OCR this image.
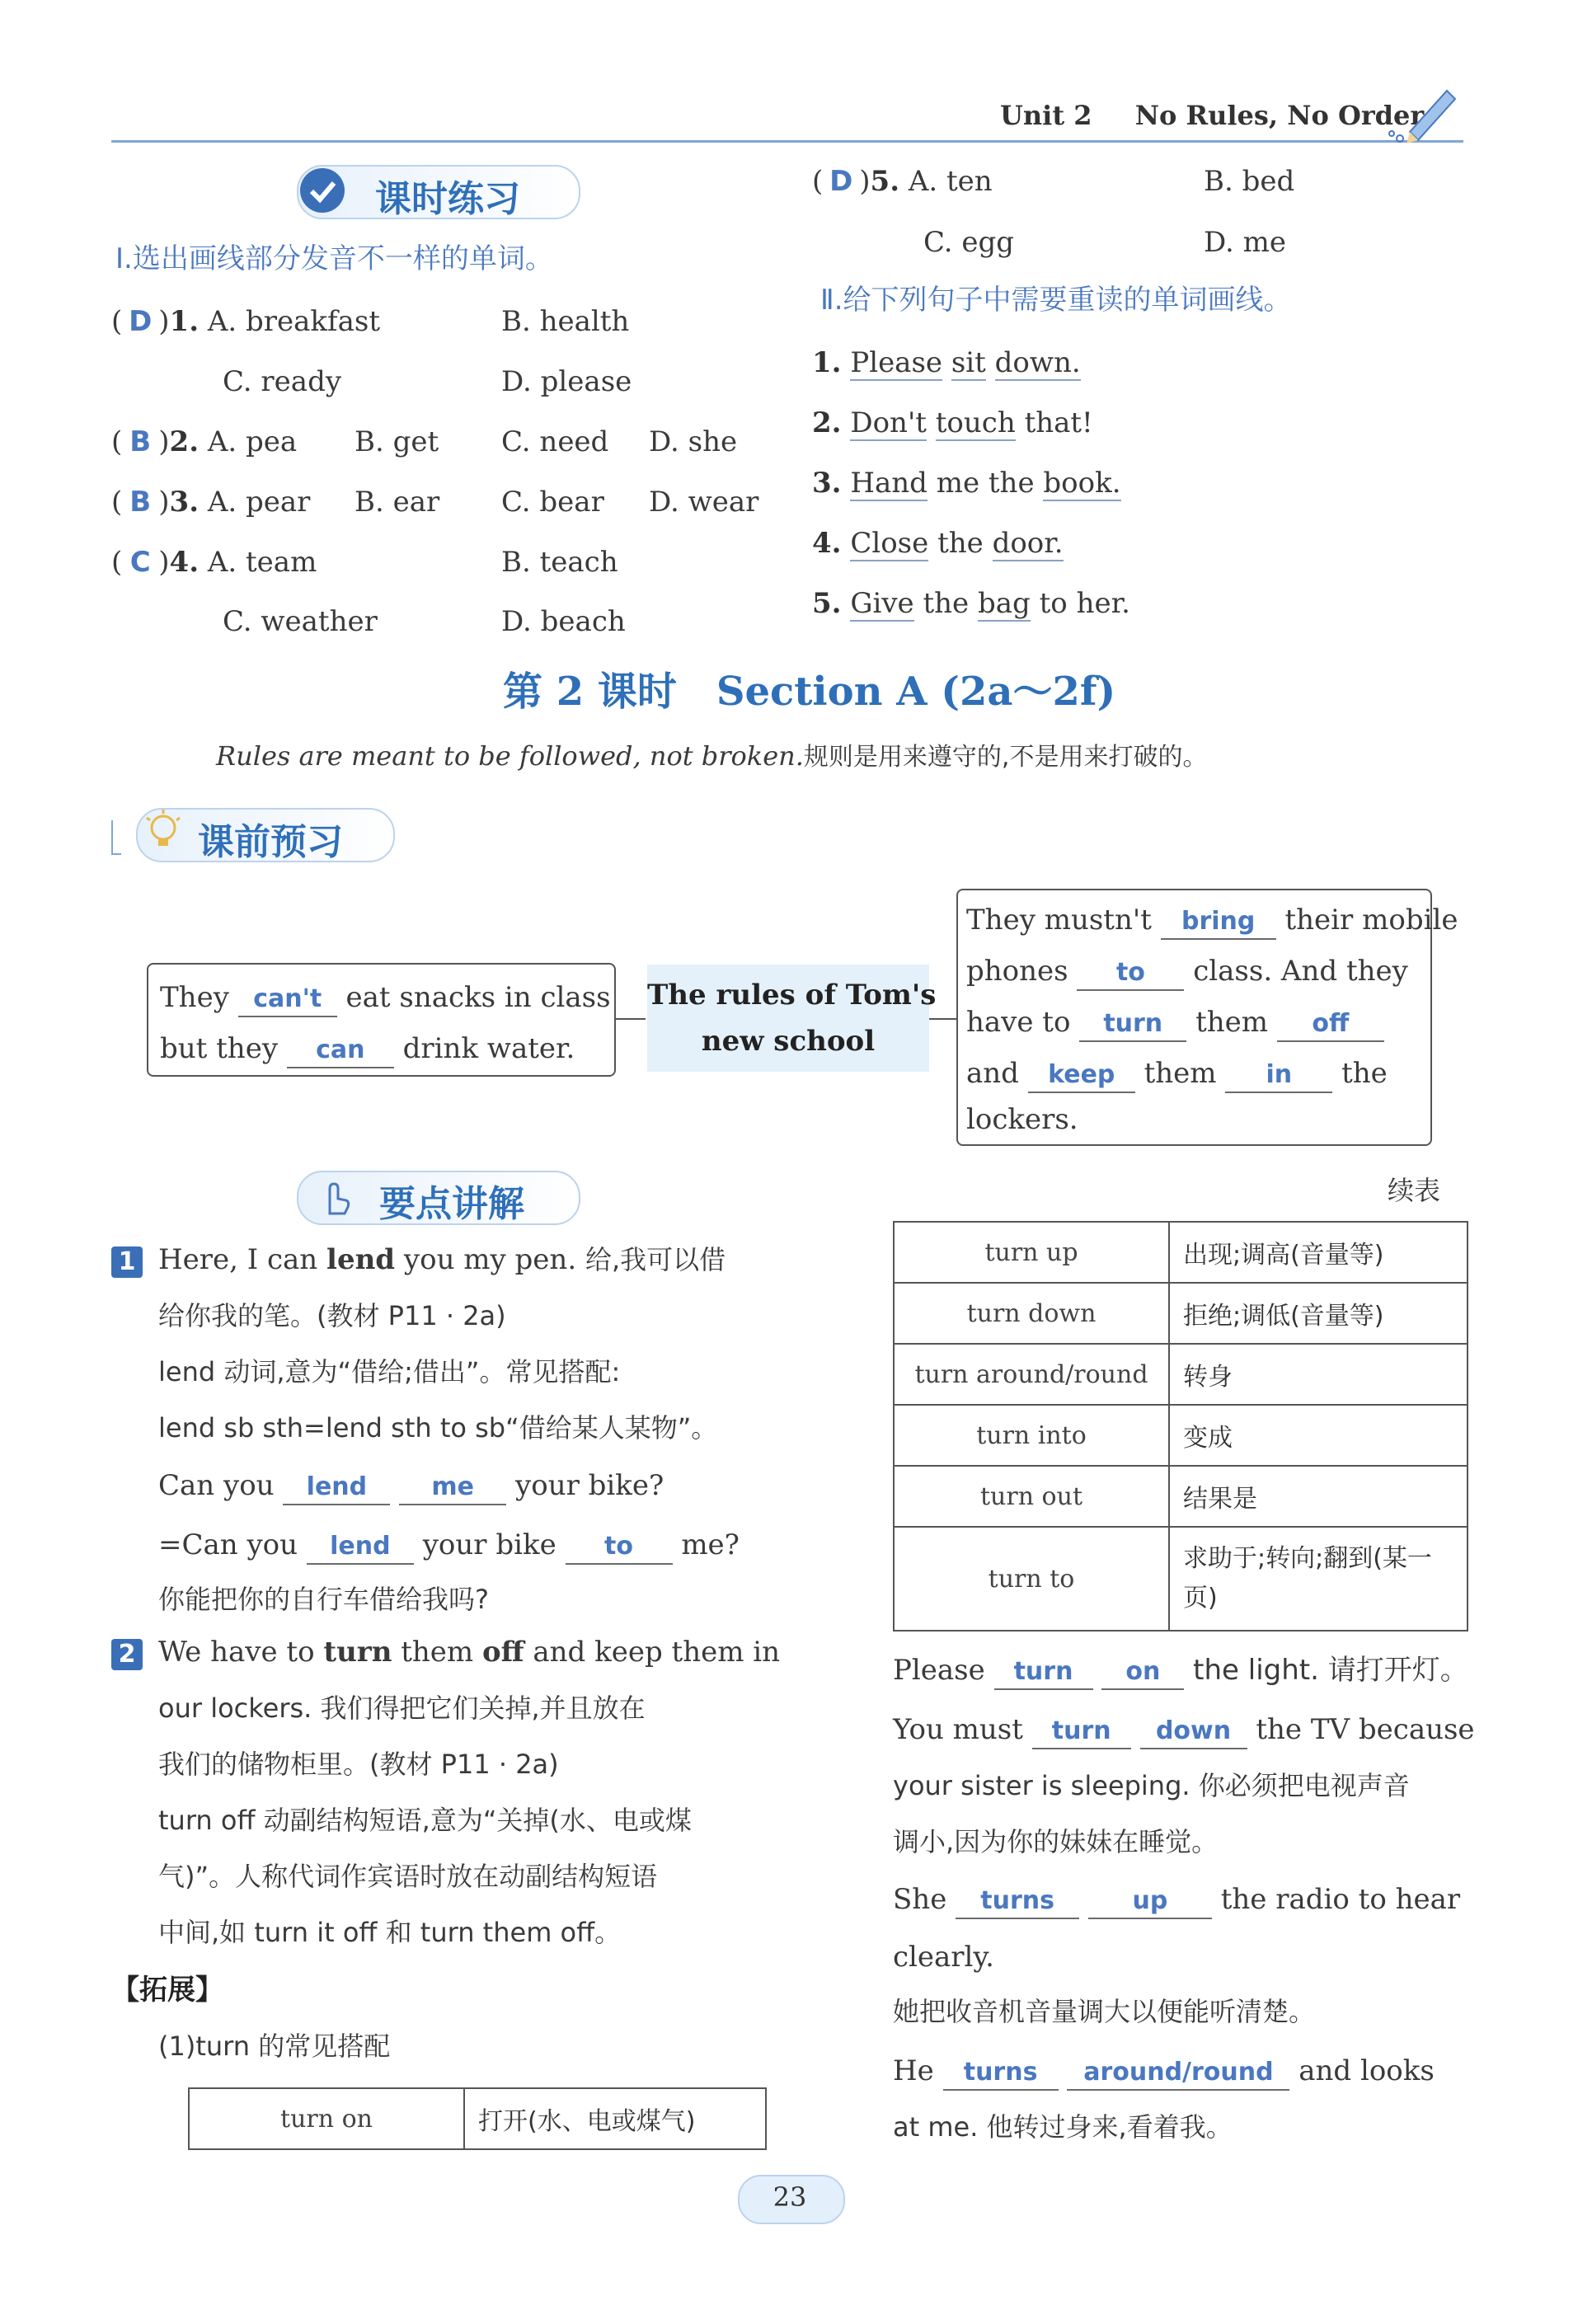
Unit 2 No Rules, No Order
课时练习
Ⅰ.选出画线部分发音不一样的单词。
( D )1. A. breakfast	B. health
C. ready	D. please
( B )2. A. pea B. get C. need D. she
( B )3. A. pear B. ear C. bear D. wear
( C )4. A. team	B. teach
C. weather	D. beach
( D )5. A. ten	B. bed
C. egg	D. me
Ⅱ.给下列句子中需要重读的单词画线。
1. Please sit down.
2. Don't touch that!
3. Hand me the book.
4. Close the door.
5. Give the bag to her.
第 2 课时　Section A (2a～2f)
Rules are meant to be followed, not broken.规则是用来遵守的,不是用来打破的。
课前预习
They can't eat snacks in class
but they can drink water.
The rules of Tom's
new school
They mustn't bring their mobile
phones to class. And they
have to turn them off
and keep them in the
lockers.
要点讲解
1 Here, I can lend you my pen. 给,我可以借
给你我的笔。(教材 P11 · 2a)
lend 动词,意为“借给;借出”。常见搭配:
lend sb sth=lend sth to sb“借给某人某物”。
Can you lend	me your bike?
=Can you lend your bike to me?
你能把你的自行车借给我吗?
2 We have to turn them off and keep them in
our lockers. 我们得把它们关掉,并且放在
我们的储物柜里。(教材 P11 · 2a)
turn off 动副结构短语,意为“关掉(水、电或煤
气)”。人称代词作宾语时放在动副结构短语
中间,如 turn it off 和 turn them off。
【拓展】
(1)turn 的常见搭配
turn on	打开(水、电或煤气)
续表
turn up	出现;调高(音量等)
turn down	拒绝;调低(音量等)
turn around/round	转身
turn into	变成
turn out	结果是
turn to	求助于;转向;翻到(某一页)
Please turn on the light. 请打开灯。
You must turn down the TV because
your sister is sleeping. 你必须把电视声音
调小,因为你的妹妹在睡觉。
She turns	up the radio to hear
clearly.
她把收音机音量调大以便能听清楚。
He turns around/round and looks
at me. 他转过身来,看着我。
23
